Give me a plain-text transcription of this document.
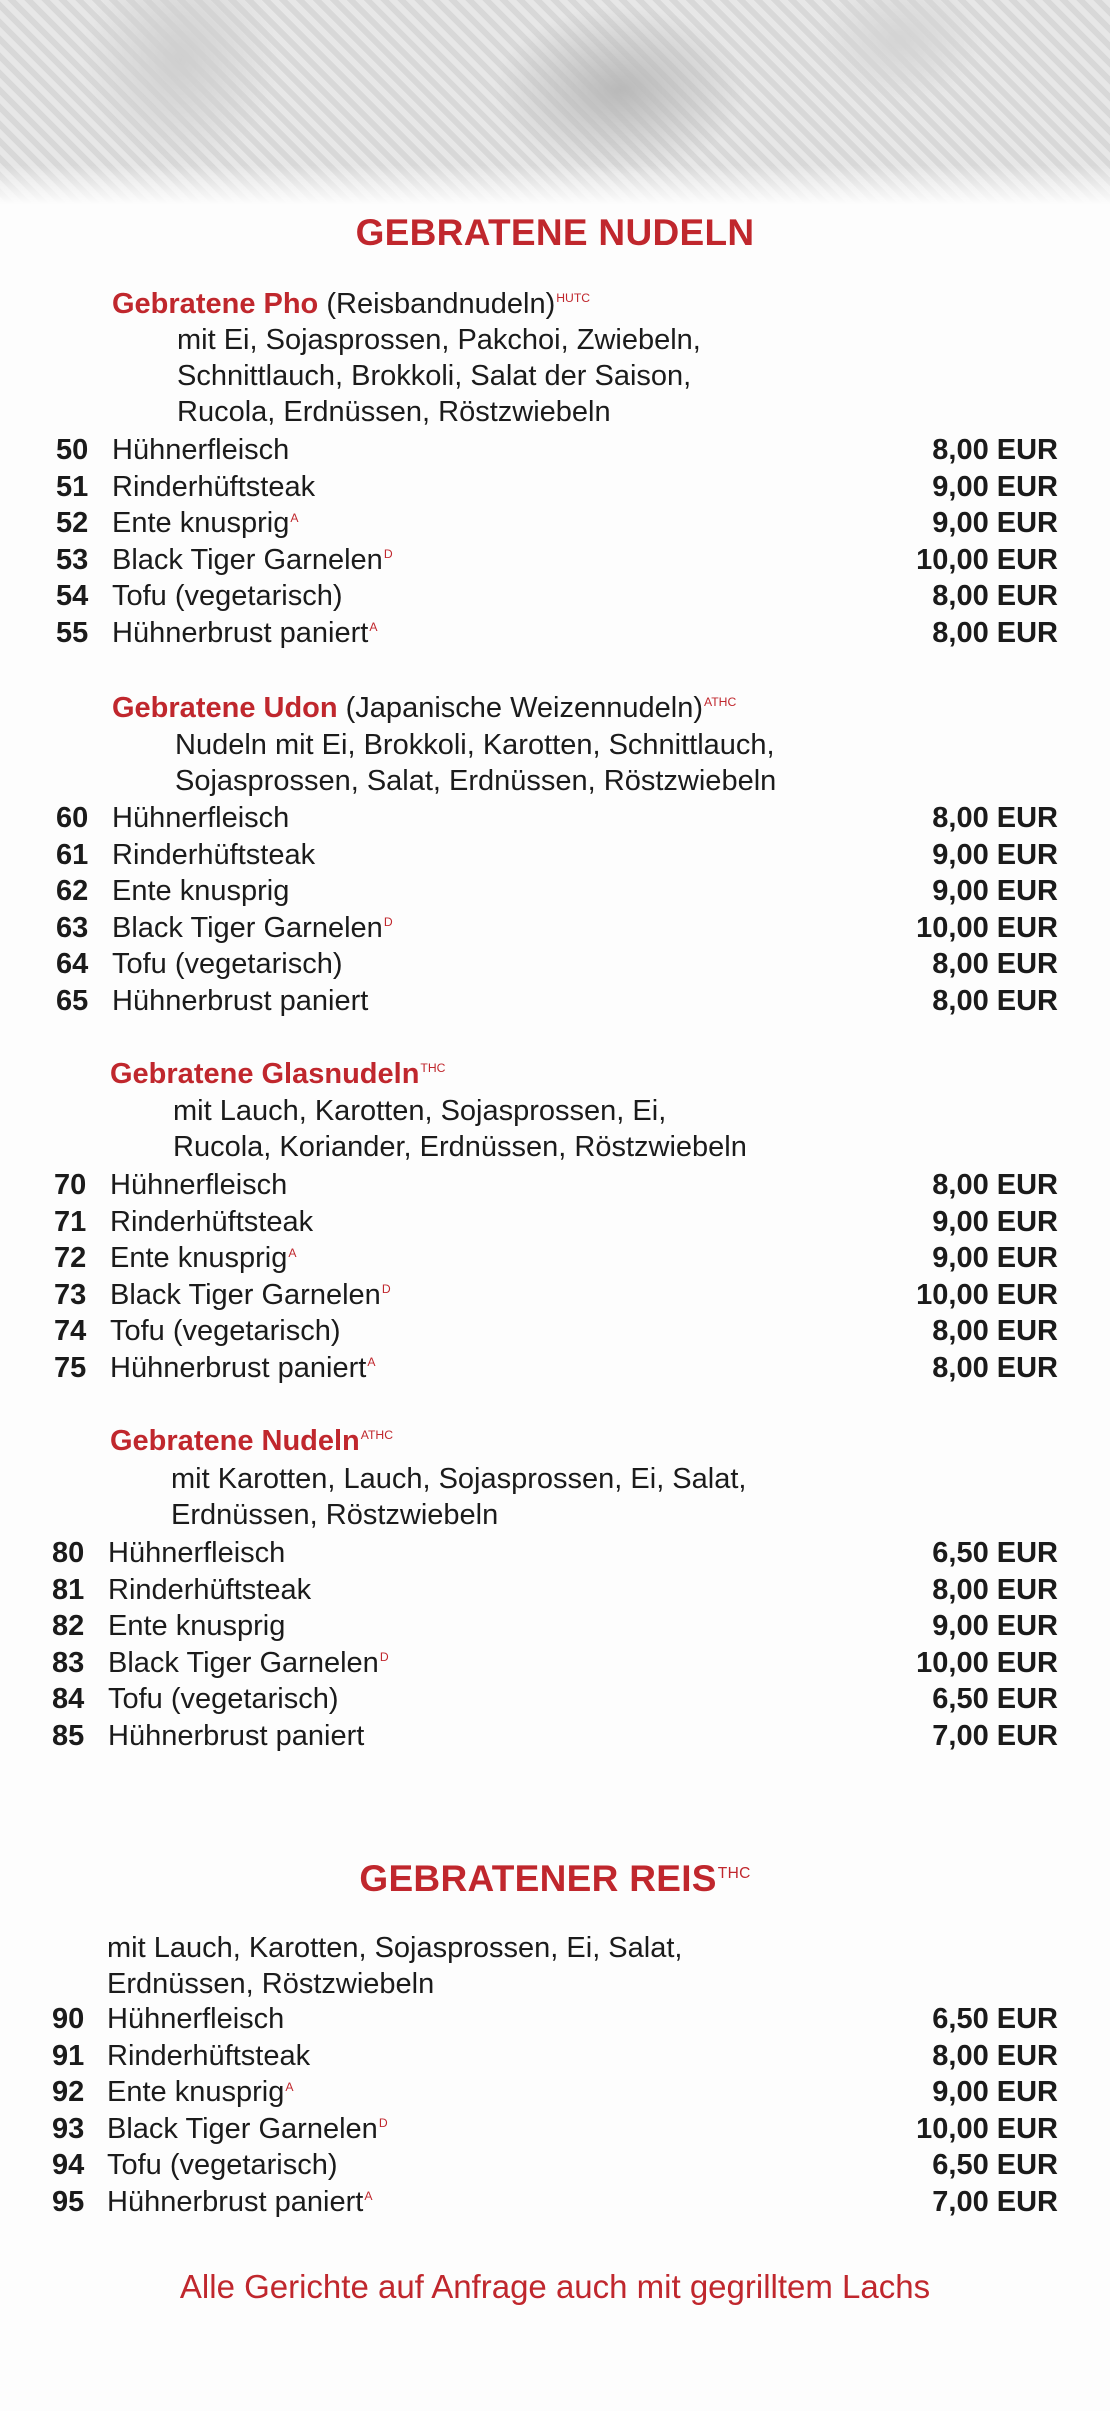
GEBRATENE NUDELN
Gebratene Pho (Reisbandnudeln)$^{HUTC}$
mit Ei, Sojasprossen, Pakchoi, Zwiebeln,
Schnittlauch, Brokkoli, Salat der Saison,
Rucola, Erdnüssen, Röstzwiebeln
50 Hühnerfleisch	8,00 EUR
51 Rinderhüftsteak	9,00 EUR
52 Ente knusprig$^A$	9,00 EUR
53 Black Tiger Garnelen$^D$	10,00 EUR
54 Tofu (vegetarisch)	8,00 EUR
55 Hühnerbrust paniert$^A$	8,00 EUR
Gebratene Udon (Japanische Weizennudeln)$^{ATHC}$
Nudeln mit Ei, Brokkoli, Karotten, Schnittlauch,
Sojasprossen, Salat, Erdnüssen, Röstzwiebeln
60 Hühnerfleisch	8,00 EUR
61 Rinderhüftsteak	9,00 EUR
62 Ente knusprig	9,00 EUR
63 Black Tiger Garnelen$^D$	10,00 EUR
64 Tofu (vegetarisch)	8,00 EUR
65 Hühnerbrust paniert	8,00 EUR
Gebratene Glasnudeln$^{THC}$
mit Lauch, Karotten, Sojasprossen, Ei,
Rucola, Koriander, Erdnüssen, Röstzwiebeln
70 Hühnerfleisch	8,00 EUR
71 Rinderhüftsteak	9,00 EUR
72 Ente knusprig$^A$	9,00 EUR
73 Black Tiger Garnelen$^D$	10,00 EUR
74 Tofu (vegetarisch)	8,00 EUR
75 Hühnerbrust paniert$^A$	8,00 EUR
Gebratene Nudeln$^{ATHC}$
mit Karotten, Lauch, Sojasprossen, Ei, Salat,
Erdnüssen, Röstzwiebeln
80 Hühnerfleisch	6,50 EUR
81 Rinderhüftsteak	8,00 EUR
82 Ente knusprig	9,00 EUR
83 Black Tiger Garnelen$^D$	10,00 EUR
84 Tofu (vegetarisch)	6,50 EUR
85 Hühnerbrust paniert	7,00 EUR
mit Lauch, Karotten, Sojasprossen, Ei, Salat,
Erdnüssen, Röstzwiebeln
90 Hühnerfleisch	6,50 EUR
91 Rinderhüftsteak	8,00 EUR
92 Ente knusprig$^A$	9,00 EUR
93 Black Tiger Garnelen$^D$	10,00 EUR
94 Tofu (vegetarisch)	6,50 EUR
95 Hühnerbrust paniert$^A$	7,00 EUR
GEBRATENER $REIS^{THC}$
Alle Gerichte auf Anfrage auch mit gegrilltem Lachs
